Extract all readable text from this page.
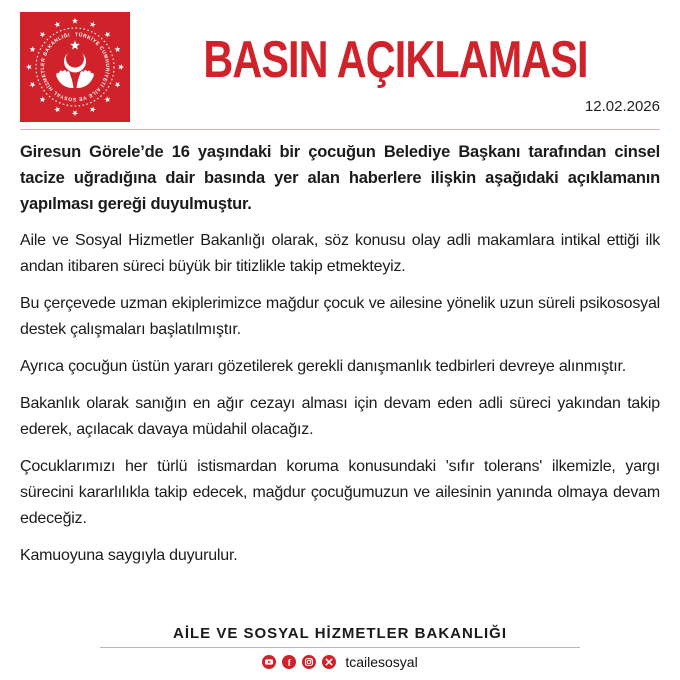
TÜRKİYE CUMHURİYETİ AİLE VE SOSYAL HİZMETLER BAKANLIĞI	BASIN AÇIKLAMASI
12.02.2026

Giresun Görele’de 16 yaşındaki bir çocuğun Belediye Başkanı tarafından cinsel tacize uğradığına dair basında yer alan haberlere ilişkin aşağıdaki açıklamanın yapılması gereği duyulmuştur.

Aile ve Sosyal Hizmetler Bakanlığı olarak, söz konusu olay adli makamlara intikal ettiği ilk andan itibaren süreci büyük bir titizlikle takip etmekteyiz.

Bu çerçevede uzman ekiplerimizce mağdur çocuk ve ailesine yönelik uzun süreli psikososyal destek çalışmaları başlatılmıştır.

Ayrıca çocuğun üstün yararı gözetilerek gerekli danışmanlık tedbirleri devreye alınmıştır.

Bakanlık olarak sanığın en ağır cezayı alması için devam eden adli süreci yakından takip ederek, açılacak davaya müdahil olacağız.

Çocuklarımızı her türlü istismardan koruma konusundaki 'sıfır tolerans' ilkemizle, yargı sürecini kararlılıkla takip edecek, mağdur çocuğumuzun ve ailesinin yanında olmaya devam edeceğiz.

Kamuoyuna saygıyla duyurulur.

AİLE VE SOSYAL HİZMETLER BAKANLIĞI
f	tcailesosyal
